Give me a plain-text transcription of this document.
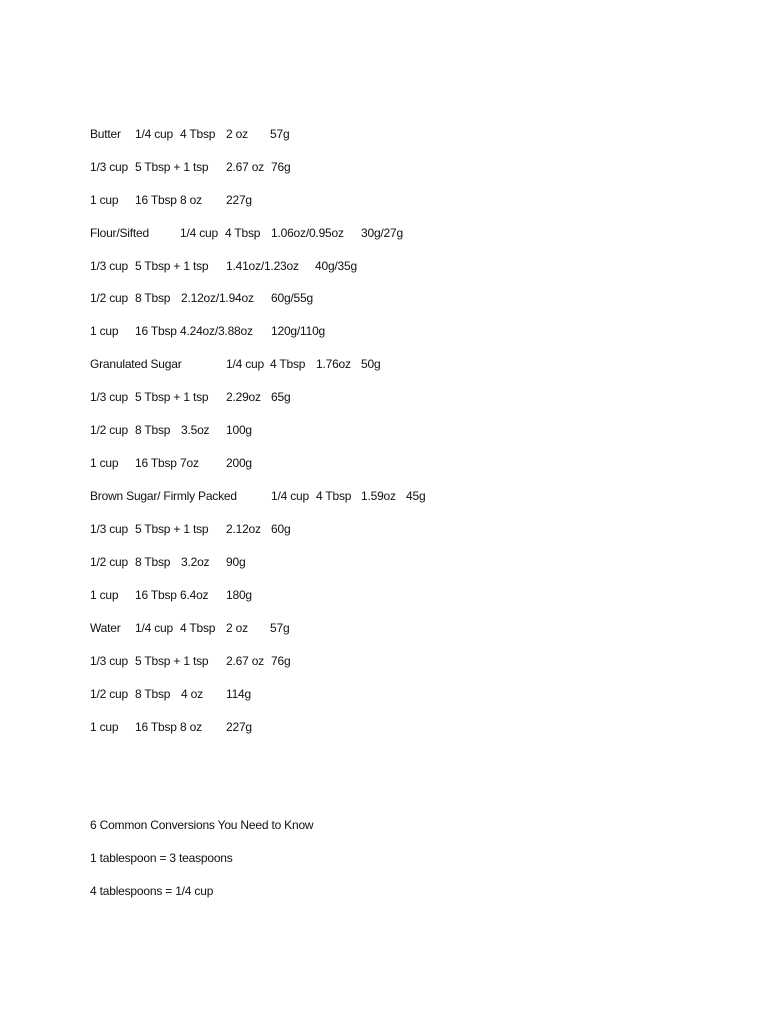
Butter 1/4 cup 4 Tbsp 2 oz 57g
1/3 cup 5 Tbsp + 1 tsp 2.67 oz 76g
1 cup 16 Tbsp 8 oz 227g
Flour/Sifted	1/4 cup 4 Tbsp 1.06oz/0.95oz 30g/27g
1/3 cup 5 Tbsp + 1 tsp 1.41oz/1.23oz 40g/35g
1/2 cup 8 Tbsp 2.12oz/1.94oz 60g/55g
1 cup 16 Tbsp 4.24oz/3.88oz 120g/110g
Granulated Sugar	1/4 cup 4 Tbsp 1.76oz 50g
1/3 cup 5 Tbsp + 1 tsp 2.29oz 65g
1/2 cup 8 Tbsp 3.5oz 100g
1 cup 16 Tbsp 7oz 200g
Brown Sugar/ Firmly Packed	1/4 cup 4 Tbsp 1.59oz 45g
1/3 cup 5 Tbsp + 1 tsp 2.12oz 60g
1/2 cup 8 Tbsp 3.2oz 90g
1 cup 16 Tbsp 6.4oz 180g
Water 1/4 cup 4 Tbsp 2 oz 57g
1/3 cup 5 Tbsp + 1 tsp 2.67 oz 76g
1/2 cup 8 Tbsp 4 oz 114g
1 cup 16 Tbsp 8 oz 227g
6 Common Conversions You Need to Know
1 tablespoon = 3 teaspoons
4 tablespoons = 1/4 cup
